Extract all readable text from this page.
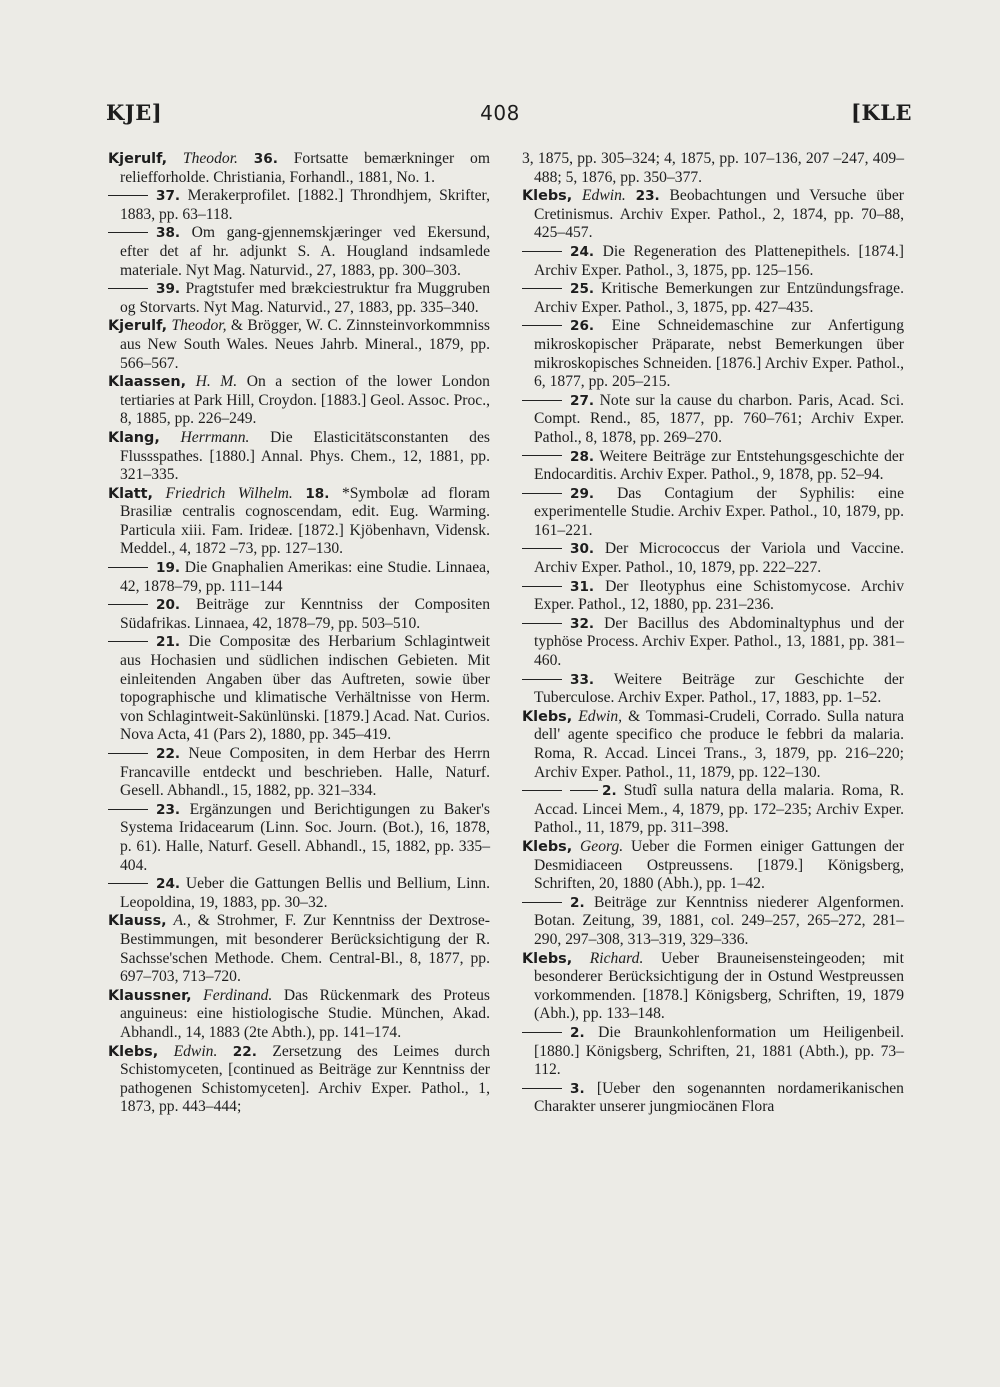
KJE]	408	[KLE

Kjerulf, Theodor. 36. Fortsatte bemærkninger om reliefforholde. Christiania, Forhandl., 1881, No. 1.

37. Merakerprofilet. [1882.] Throndhjem, Skrifter, 1883, pp. 63–118.

38. Om gang-gjennemskjæringer ved Ekersund, efter det af hr. adjunkt S. A. Hougland indsamlede materiale. Nyt Mag. Naturvid., 27, 1883, pp. 300–303.

39. Pragtstufer med brækciestruktur fra Muggruben og Storvarts. Nyt Mag. Naturvid., 27, 1883, pp. 335–340.

Kjerulf, Theodor, & Brögger, W. C. Zinnsteinvorkommniss aus New South Wales. Neues Jahrb. Mineral., 1879, pp. 566–567.

Klaassen, H. M. On a section of the lower London tertiaries at Park Hill, Croydon. [1883.] Geol. Assoc. Proc., 8, 1885, pp. 226–249.

Klang, Herrmann. Die Elasticitätsconstanten des Flussspathes. [1880.] Annal. Phys. Chem., 12, 1881, pp. 321–335.

Klatt, Friedrich Wilhelm. 18. *Symbolæ ad floram Brasiliæ centralis cognoscendam, edit. Eug. Warming. Particula xiii. Fam. Irideæ. [1872.] Kjöbenhavn, Vidensk. Meddel., 4, 1872 –73, pp. 127–130.

19. Die Gnaphalien Amerikas: eine Studie. Linnaea, 42, 1878–79, pp. 111–144

20. Beiträge zur Kenntniss der Compositen Südafrikas. Linnaea, 42, 1878–79, pp. 503–510.

21. Die Compositæ des Herbarium Schlagintweit aus Hochasien und südlichen indischen Gebieten. Mit einleitenden Angaben über das Auftreten, sowie über topographische und klimatische Verhältnisse von Herm. von Schlagintweit-Sakünlünski. [1879.] Acad. Nat. Curios. Nova Acta, 41 (Pars 2), 1880, pp. 345–419.

22. Neue Compositen, in dem Herbar des Herrn Francaville entdeckt und beschrieben. Halle, Naturf. Gesell. Abhandl., 15, 1882, pp. 321–334.

23. Ergänzungen und Berichtigungen zu Baker's Systema Iridacearum (Linn. Soc. Journ. (Bot.), 16, 1878, p. 61). Halle, Naturf. Gesell. Abhandl., 15, 1882, pp. 335–404.

24. Ueber die Gattungen Bellis und Bellium, Linn. Leopoldina, 19, 1883, pp. 30–32.

Klauss, A., & Strohmer, F. Zur Kenntniss der Dextrose-Bestimmungen, mit besonderer Berücksichtigung der R. Sachsse'schen Methode. Chem. Central-Bl., 8, 1877, pp. 697–703, 713–720.

Klaussner, Ferdinand. Das Rückenmark des Proteus anguineus: eine histiologische Studie. München, Akad. Abhandl., 14, 1883 (2te Abth.), pp. 141–174.

Klebs, Edwin. 22. Zersetzung des Leimes durch Schistomyceten, [continued as Beiträge zur Kenntniss der pathogenen Schistomyceten]. Archiv Exper. Pathol., 1, 1873, pp. 443–444;

3, 1875, pp. 305–324; 4, 1875, pp. 107–136, 207 –247, 409–488; 5, 1876, pp. 350–377.

Klebs, Edwin. 23. Beobachtungen und Versuche über Cretinismus. Archiv Exper. Pathol., 2, 1874, pp. 70–88, 425–457.

24. Die Regeneration des Plattenepithels. [1874.] Archiv Exper. Pathol., 3, 1875, pp. 125–156.

25. Kritische Bemerkungen zur Entzündungsfrage. Archiv Exper. Pathol., 3, 1875, pp. 427–435.

26. Eine Schneidemaschine zur Anfertigung mikroskopischer Präparate, nebst Bemerkungen über mikroskopisches Schneiden. [1876.] Archiv Exper. Pathol., 6, 1877, pp. 205–215.

27. Note sur la cause du charbon. Paris, Acad. Sci. Compt. Rend., 85, 1877, pp. 760–761; Archiv Exper. Pathol., 8, 1878, pp. 269–270.

28. Weitere Beiträge zur Entstehungsgeschichte der Endocarditis. Archiv Exper. Pathol., 9, 1878, pp. 52–94.

29. Das Contagium der Syphilis: eine experimentelle Studie. Archiv Exper. Pathol., 10, 1879, pp. 161–221.

30. Der Micrococcus der Variola und Vaccine. Archiv Exper. Pathol., 10, 1879, pp. 222–227.

31. Der Ileotyphus eine Schistomycose. Archiv Exper. Pathol., 12, 1880, pp. 231–236.

32. Der Bacillus des Abdominaltyphus und der typhöse Process. Archiv Exper. Pathol., 13, 1881, pp. 381–460.

33. Weitere Beiträge zur Geschichte der Tuberculose. Archiv Exper. Pathol., 17, 1883, pp. 1–52.

Klebs, Edwin, & Tommasi-Crudeli, Corrado. Sulla natura dell' agente specifico che produce le febbri da malaria. Roma, R. Accad. Lincei Trans., 3, 1879, pp. 216–220; Archiv Exper. Pathol., 11, 1879, pp. 122–130.

2. Studî sulla natura della malaria. Roma, R. Accad. Lincei Mem., 4, 1879, pp. 172–235; Archiv Exper. Pathol., 11, 1879, pp. 311–398.

Klebs, Georg. Ueber die Formen einiger Gattungen der Desmidiaceen Ostpreussens. [1879.] Königsberg, Schriften, 20, 1880 (Abh.), pp. 1–42.

2. Beiträge zur Kenntniss niederer Algenformen. Botan. Zeitung, 39, 1881, col. 249–257, 265–272, 281–290, 297–308, 313–319, 329–336.

Klebs, Richard. Ueber Brauneisensteingeoden; mit besonderer Berücksichtigung der in Ostund Westpreussen vorkommenden. [1878.] Königsberg, Schriften, 19, 1879 (Abh.), pp. 133–148.

2. Die Braunkohlenformation um Heiligenbeil. [1880.] Königsberg, Schriften, 21, 1881 (Abth.), pp. 73–112.

3. [Ueber den sogenannten nordamerikanischen Charakter unserer jungmiocänen Flora
